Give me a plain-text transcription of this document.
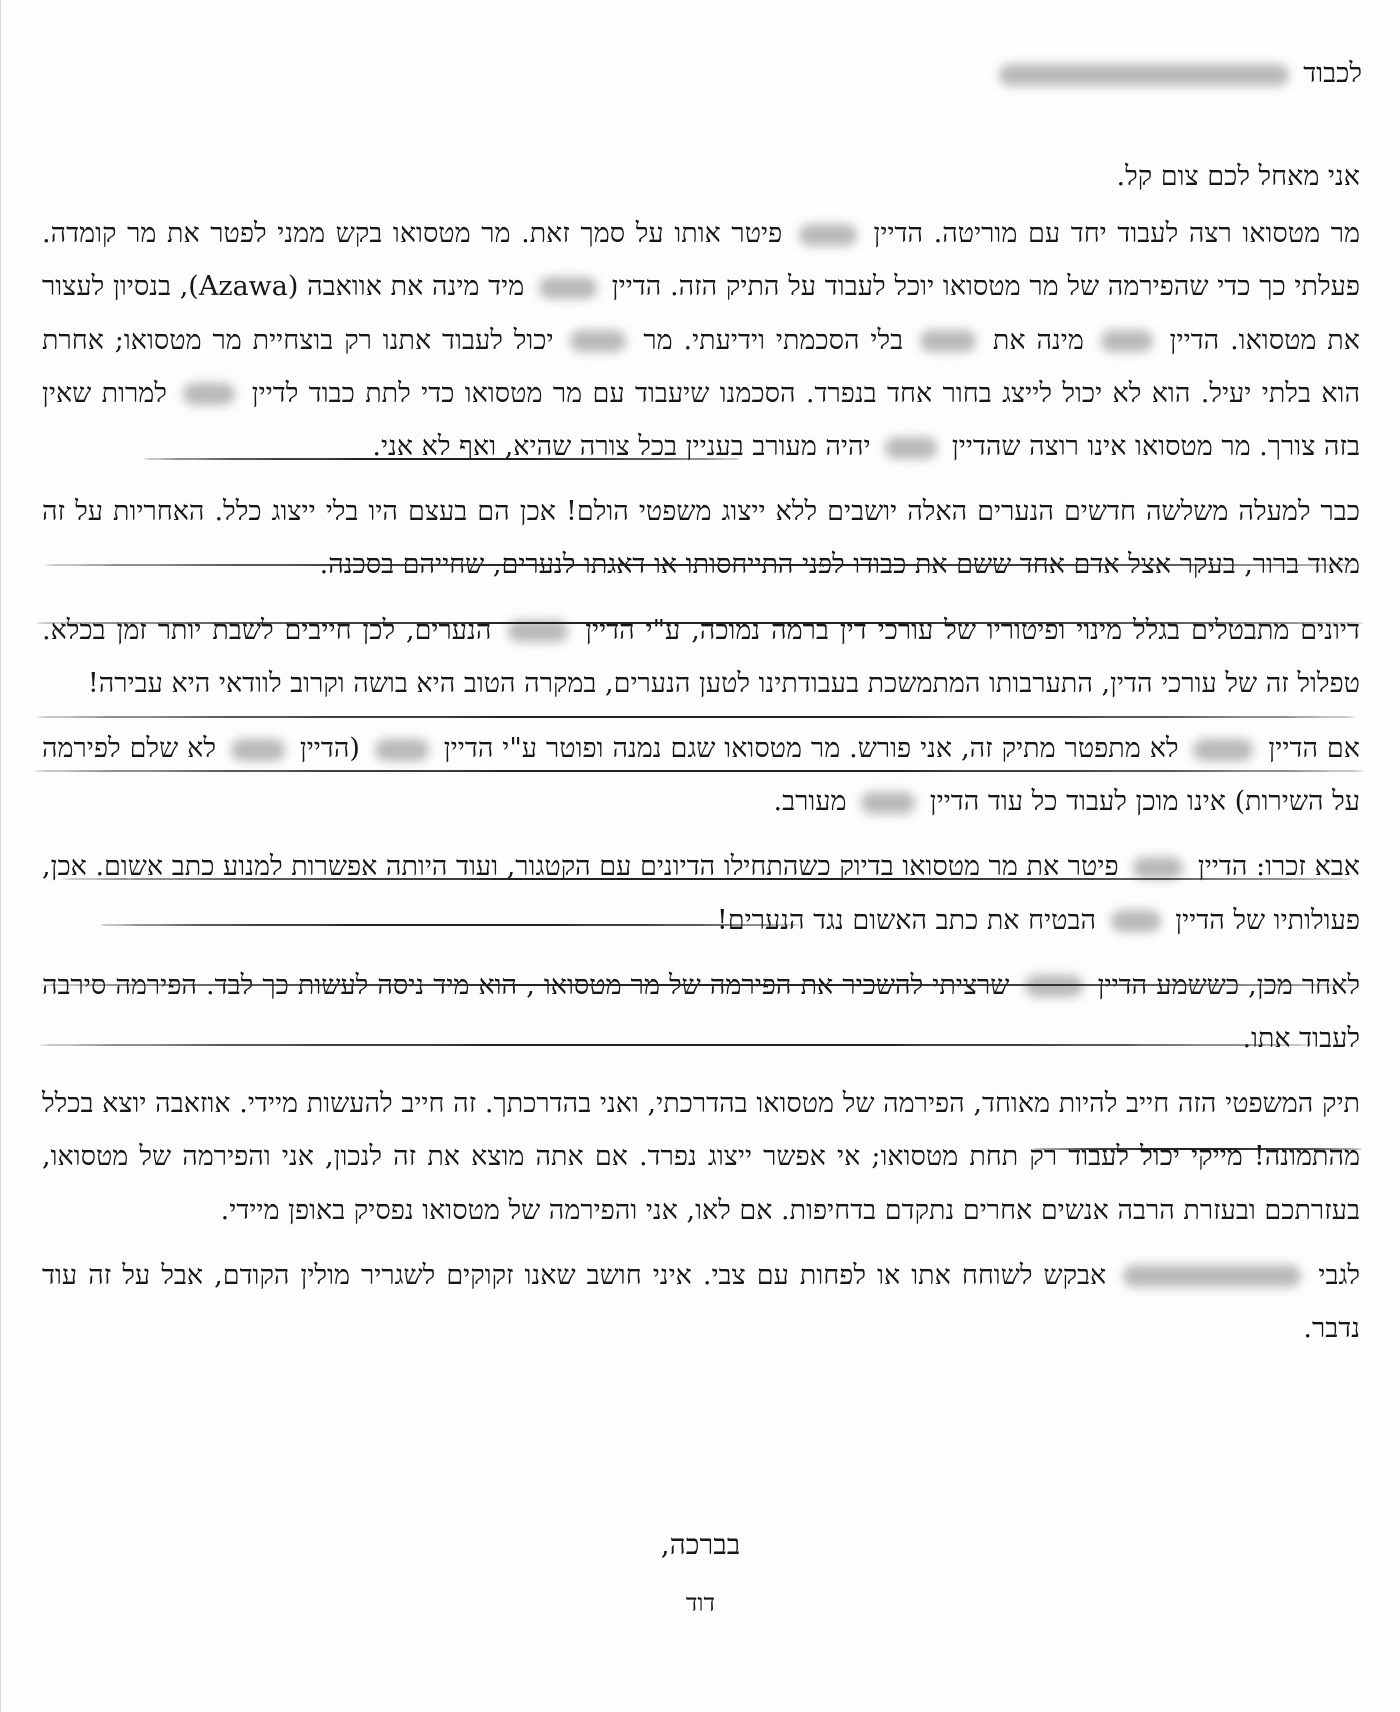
לכבוד

אני מאחל לכם צום קל.

מר מטסואו רצה לעבוד יחד עם מוריטה. הדיין  פיטר אותו על סמך זאת. מר מטסואו בקש ממני לפטר את מר קומדה. פעלתי כך כדי שהפירמה של מר מטסואו יוכל לעבוד על התיק הזה. הדיין  מיד מינה את אוואבה (Azawa), בנסיון לעצור את מטסואו. הדיין  מינה את  בלי הסכמתי וידיעתי. מר  יכול לעבוד אתנו רק בוצחיית מר מטסואו; אחרת הוא בלתי יעיל. הוא לא יכול לייצג בחור אחד בנפרד. הסכמנו שיעבוד עם מר מטסואו כדי לתת כבוד לדיין  למרות שאין בזה צורך. מר מטסואו אינו רוצה שהדיין  יהיה מעורב בעניין בכל צורה שהיא, ואף לא אני.

כבר למעלה משלשה חדשים הנערים האלה יושבים ללא ייצוג משפטי הולם! אכן הם בעצם היו בלי ייצוג כלל. האחריות על זה מאוד ברור, בעקר אצל אדם אחד ששם את כבודו לפני התייחסותו או דאגתו לנערים, שחייהם בסכנה.

דיונים מתבטלים בגלל מינוי ופיטוריו של עורכי דין ברמה נמוכה, ע"י הדיין  הנערים, לכן חייבים לשבת יותר זמן בכלא. טפלול זה של עורכי הדין, התערבותו המתמשכת בעבודתינו לטען הנערים, במקרה הטוב היא בושה וקרוב לוודאי היא עבירה!

אם הדיין  לא מתפטר מתיק זה, אני פורש. מר מטסואו שגם נמנה ופוטר ע"י הדיין  (הדיין  לא שלם לפירמה על השירות) אינו מוכן לעבוד כל עוד הדיין  מעורב.

אבא זכרו: הדיין  פיטר את מר מטסואו בדיוק כשהתחילו הדיונים עם הקטגור, ועוד היותה אפשרות למנוע כתב אשום. אכן, פעולותיו של הדיין  הבטיח את כתב האשום נגד הנערים!

לאחר מכן, כששמע הדיין  שרציתי להשכיר את הפירמה של מר מטסואו , הוא מיד ניסה לעשות כך לבד. הפירמה סירבה לעבוד אתו.

תיק המשפטי הזה חייב להיות מאוחד, הפירמה של מטסואו בהדרכתי, ואני בהדרכתך. זה חייב להעשות מיידי. אוזאבה יוצא בכלל מהתמונה! מייקי יכול לעבוד רק תחת מטסואו; אי אפשר ייצוג נפרד. אם אתה מוצא את זה לנכון, אני והפירמה של מטסואו, בעזרתכם ובעזרת הרבה אנשים אחרים נתקדם בדחיפות. אם לאו, אני והפירמה של מטסואו נפסיק באופן מיידי.

לגבי  אבקש לשוחח אתו או לפחות עם צבי. איני חושב שאנו זקוקים לשגריר מולין הקודם, אבל על זה עוד נדבר.

בברכה,
דוד
